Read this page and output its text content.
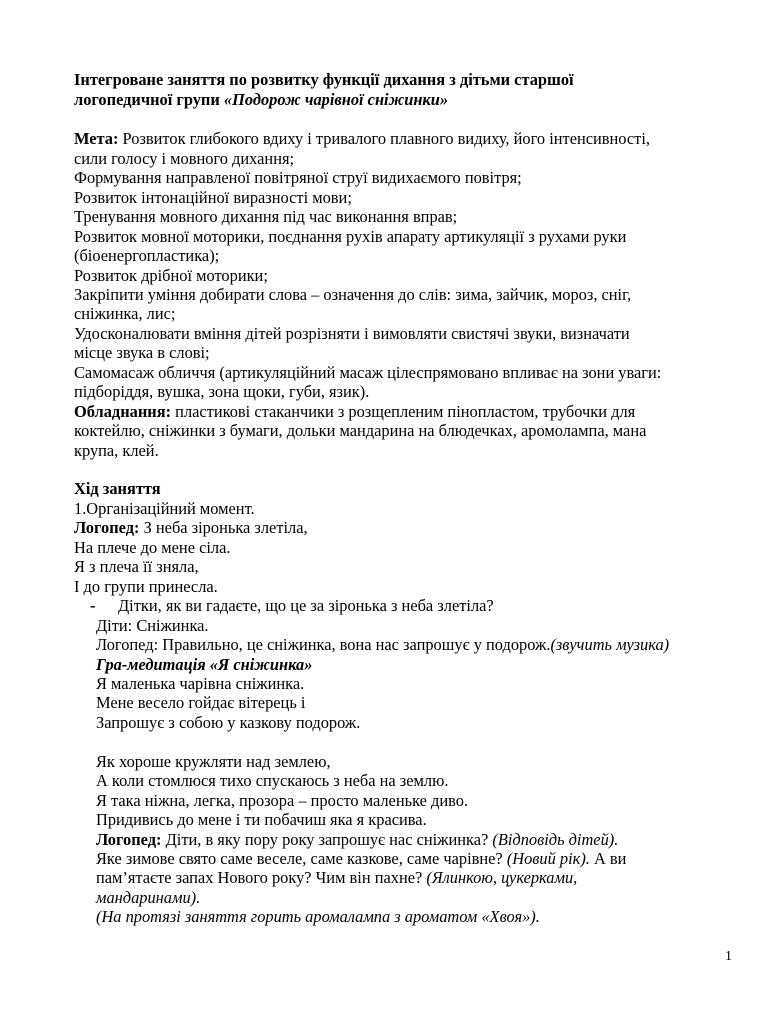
Інтегроване заняття по розвитку функції дихання з дітьми старшої
логопедичної групи «Подорож чарівної сніжинки»
Мета: Розвиток глибокого вдиху і тривалого плавного видиху, його інтенсивності,
сили голосу і мовного дихання;
Формування направленої повітряної струї видихаємого повітря;
Розвиток інтонаційної виразності мови;
Тренування мовного дихання під час виконання вправ;
Розвиток мовної моторики, поєднання рухів апарату артикуляції з рухами руки
(біоенергопластика);
Розвиток дрібної моторики;
Закріпити уміння добирати слова – означення до слів: зима, зайчик, мороз, сніг,
сніжинка, лис;
Удосконалювати вміння дітей розрізняти і вимовляти свистячі звуки, визначати
місце звука в слові;
Самомасаж обличчя (артикуляційний масаж цілеспрямовано впливає на зони уваги:
підборіддя, вушка, зона щоки, губи, язик).
Обладнання: пластикові стаканчики з розщепленим пінопластом, трубочки для
коктейлю, сніжинки з бумаги, дольки мандарина на блюдечках, аромолампа, мана
крупа, клей.
Хід заняття
1.Організаційний момент.
Логопед: З неба зіронька злетіла,
На плече до мене сіла.
Я з плеча її зняла,
І до групи принесла.
- Дітки, як ви гадаєте, що це за зіронька з неба злетіла?
Діти: Сніжинка.
Логопед: Правильно, це сніжинка, вона нас запрошує у подорож.(звучить музика)
Гра-медитація «Я сніжинка»
Я маленька чарівна сніжинка.
Мене весело гойдає вітерець і
Запрошує з собою у казкову подорож.
Як хороше кружляти над землею,
А коли стомлюся тихо спускаюсь з неба на землю.
Я така ніжна, легка, прозора – просто маленьке диво.
Придивись до мене і ти побачиш яка я красива.
Логопед: Діти, в яку пору року запрошує нас сніжинка? (Відповідь дітей).
Яке зимове свято саме веселе, саме казкове, саме чарівне? (Новий рік). А ви
пам’ятаєте запах Нового року? Чим він пахне? (Ялинкою, цукерками,
мандаринами).
(На протязі заняття горить аромалампа з ароматом «Хвоя»).
1
